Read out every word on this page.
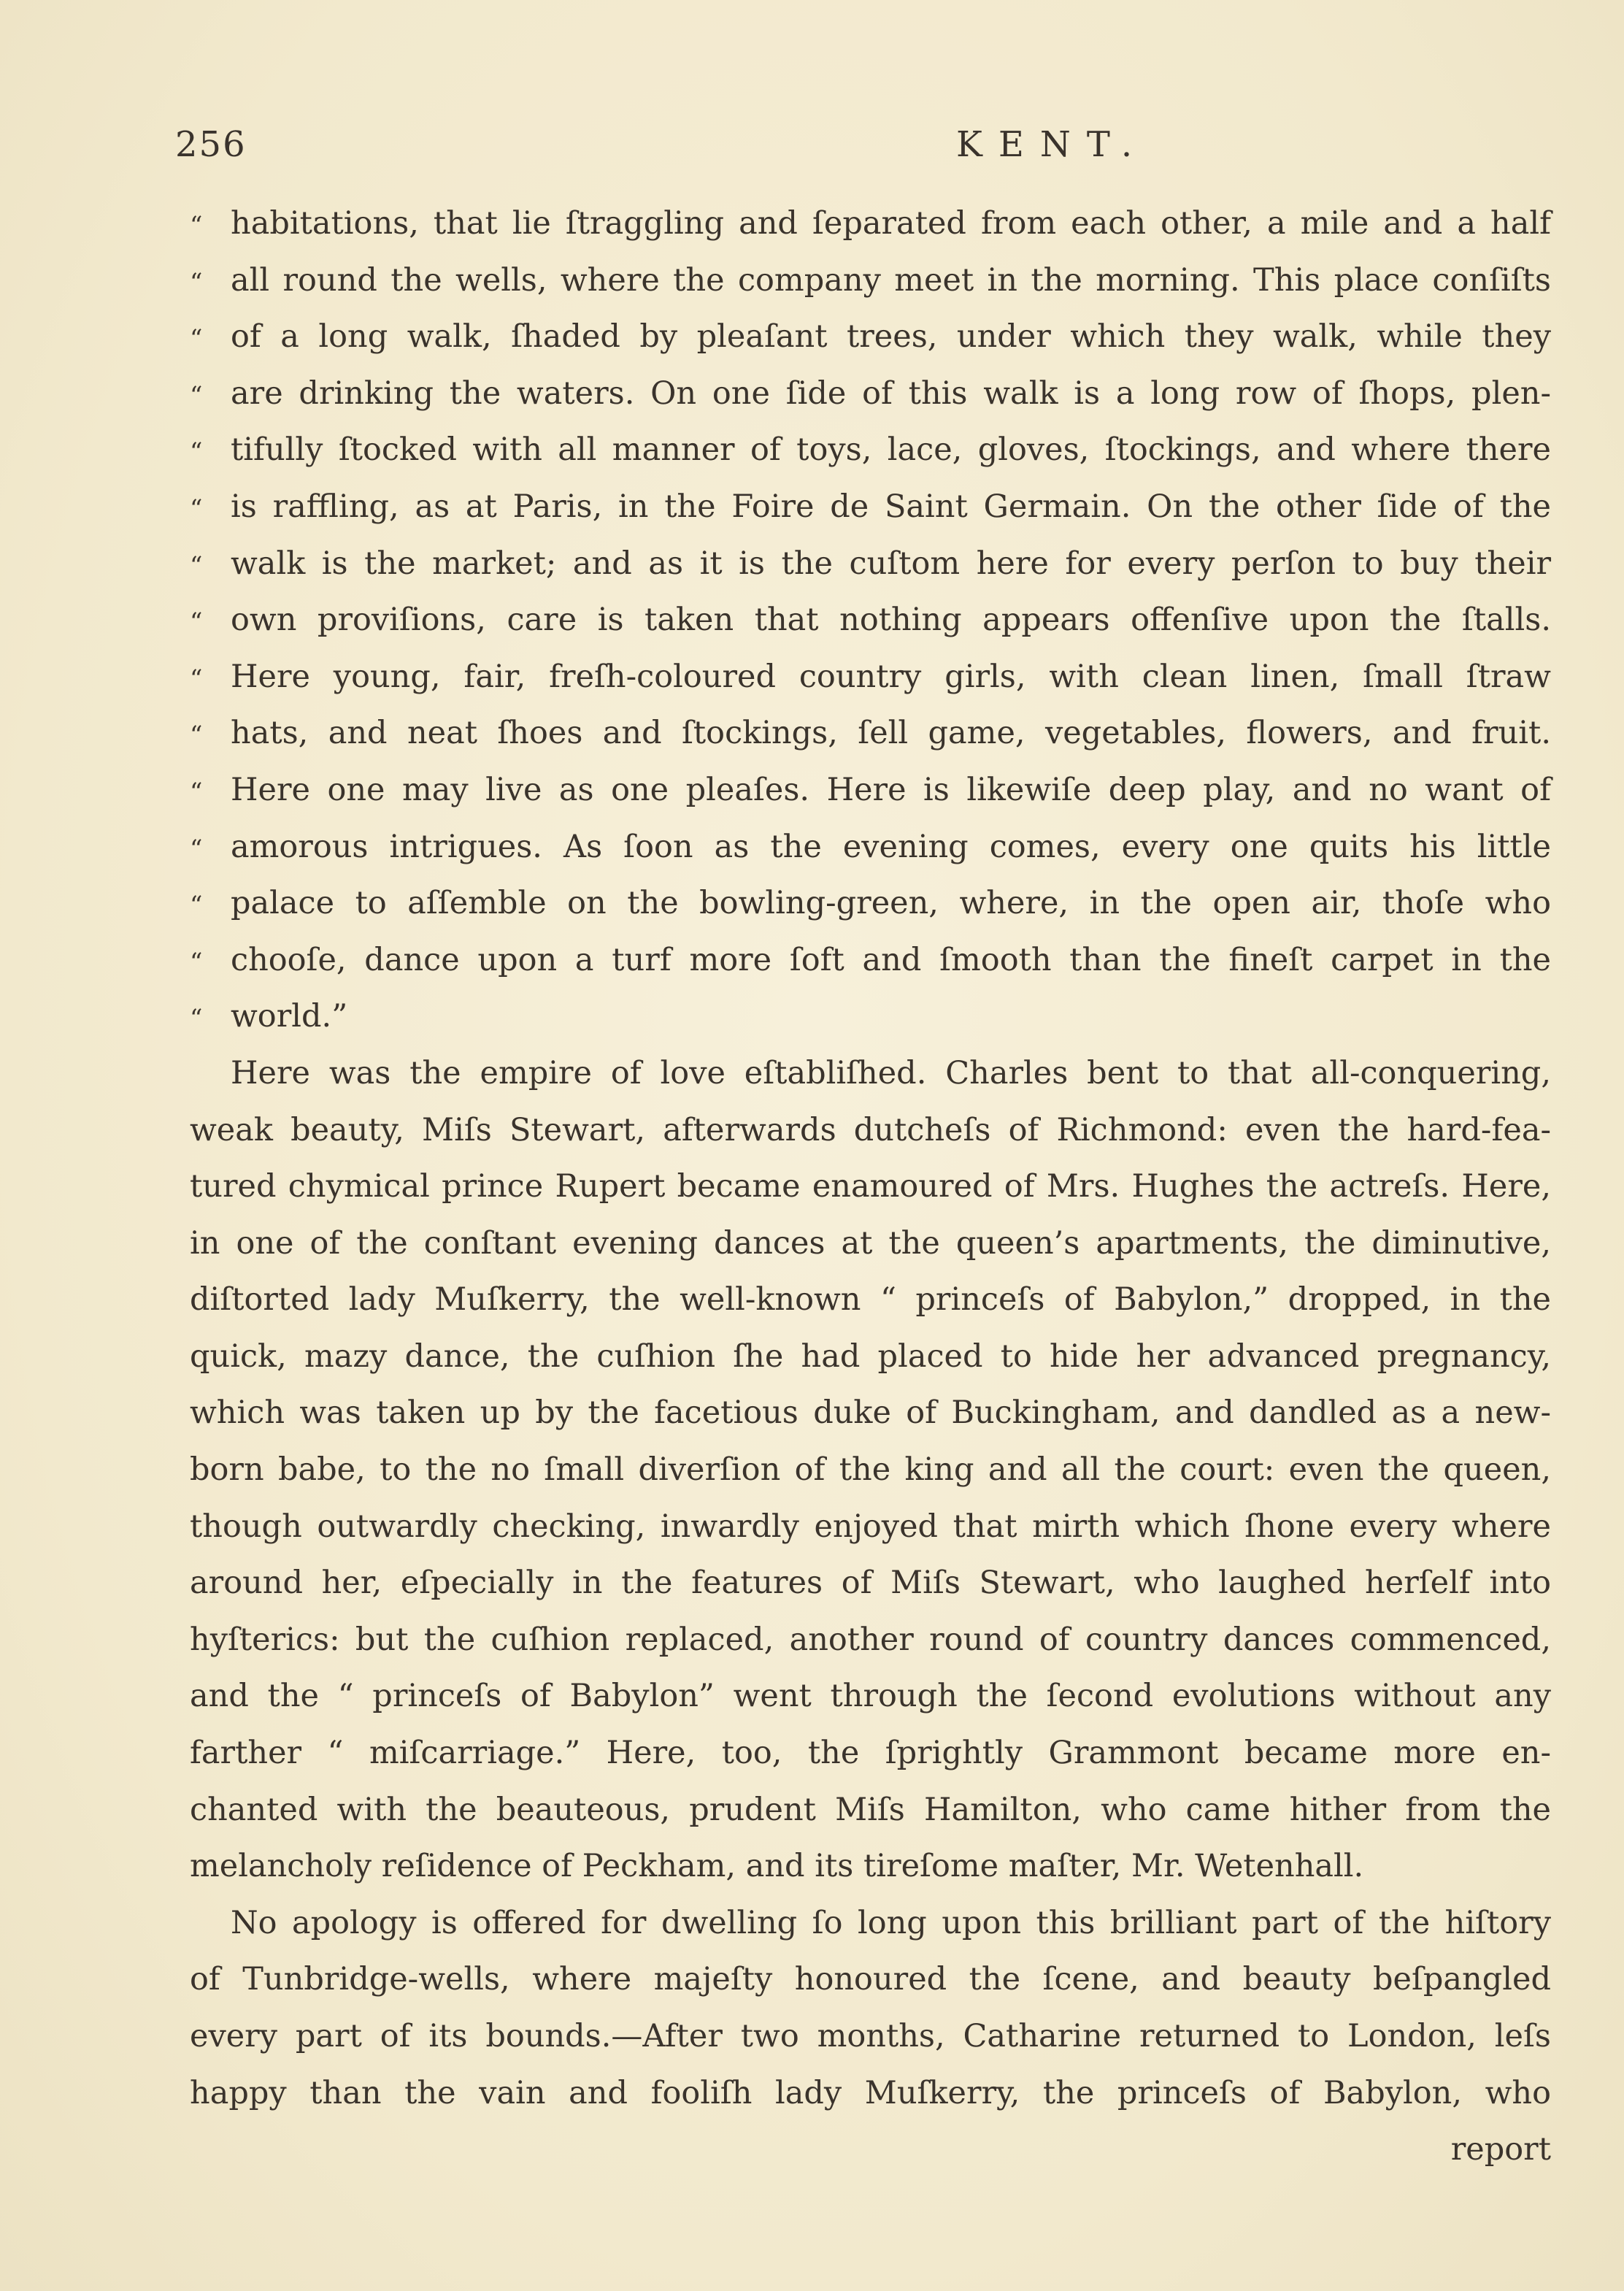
256	KENT.
“ habitations, that lie ſtraggling and ſeparated from each other, a mile and a half
“ all round the wells, where the company meet in the morning. This place conſiſts
“ of a long walk, ſhaded by pleaſant trees, under which they walk, while they
“ are drinking the waters. On one ſide of this walk is a long row of ſhops, plen-
“ tifully ſtocked with all manner of toys, lace, gloves, ſtockings, and where there
“ is raffling, as at Paris, in the Foire de Saint Germain. On the other ſide of the
“ walk is the market; and as it is the cuſtom here for every perſon to buy their
“ own proviſions, care is taken that nothing appears offenſive upon the ſtalls.
“ Here young, fair, freſh-coloured country girls, with clean linen, ſmall ſtraw
“ hats, and neat ſhoes and ſtockings, ſell game, vegetables, flowers, and fruit.
“ Here one may live as one pleaſes. Here is likewiſe deep play, and no want of
“ amorous intrigues. As ſoon as the evening comes, every one quits his little
“ palace to aſſemble on the bowling-green, where, in the open air, thoſe who
“ chooſe, dance upon a turf more ſoft and ſmooth than the fineſt carpet in the
“ world.”
Here was the empire of love eſtabliſhed. Charles bent to that all-conquering,
weak beauty, Miſs Stewart, afterwards dutcheſs of Richmond: even the hard-fea-
tured chymical prince Rupert became enamoured of Mrs. Hughes the actreſs. Here,
in one of the conſtant evening dances at the queen’s apartments, the diminutive,
diſtorted lady Muſkerry, the well-known “ princeſs of Babylon,” dropped, in the
quick, mazy dance, the cuſhion ſhe had placed to hide her advanced pregnancy,
which was taken up by the facetious duke of Buckingham, and dandled as a new-
born babe, to the no ſmall diverſion of the king and all the court: even the queen,
though outwardly checking, inwardly enjoyed that mirth which ſhone every where
around her, eſpecially in the features of Miſs Stewart, who laughed herſelf into
hyſterics: but the cuſhion replaced, another round of country dances commenced,
and the “ princeſs of Babylon” went through the ſecond evolutions without any
farther “ miſcarriage.” Here, too, the ſprightly Grammont became more en-
chanted with the beauteous, prudent Miſs Hamilton, who came hither from the
melancholy reſidence of Peckham, and its tireſome maſter, Mr. Wetenhall.
No apology is offered for dwelling ſo long upon this brilliant part of the hiſtory
of Tunbridge-wells, where majeſty honoured the ſcene, and beauty beſpangled
every part of its bounds.—After two months, Catharine returned to London, leſs
happy than the vain and fooliſh lady Muſkerry, the princeſs of Babylon, who
report
